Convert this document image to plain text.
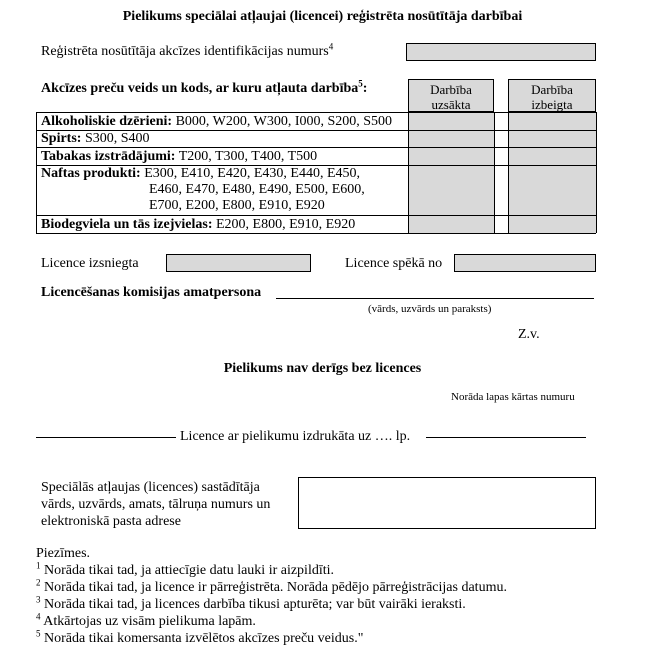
Pielikums speciālai atļaujai (licencei) reģistrēta nosūtītāja darbībai
Reģistrēta nosūtītāja akcīzes identifikācijas numurs$^4$
Akcīzes preču veids un kods, ar kuru atļauta darbība$^5$:	Darbība
uzsākta
Darbība
izbeigta
Alkoholiskie dzērieni: B000, W200, W300, I000, S200, S500
Spirts: S300, S400
Tabakas izstrādājumi: T200, T300, T400, T500
Naftas produkti: E300, E410, E420, E430, E440, E450,
E460, E470, E480, E490, E500, E600,
E700, E200, E800, E910, E920
Biodegviela un tās izejvielas: E200, E800, E910, E920
Licence izsniegta	Licence spēkā no
Licencēšanas komisijas amatpersona
(vārds, uzvārds un paraksts)
Z.v.
Pielikums nav derīgs bez licences
Norāda lapas kārtas numuru
Licence ar pielikumu izdrukāta uz …. lp.
Speciālās atļaujas (licences) sastādītāja
vārds, uzvārds, amats, tālruņa numurs un
elektroniskā pasta adrese
Piezīmes.
$^1$ Norāda tikai tad, ja attiecīgie datu lauki ir aizpildīti.
$^2$ Norāda tikai tad, ja licence ir pārreģistrēta. Norāda pēdējo pārreģistrācijas datumu.
$^3$ Norāda tikai tad, ja licences darbība tikusi apturēta; var būt vairāki ieraksti.
$^4$ Atkārtojas uz visām pielikuma lapām.
$^5$ Norāda tikai komersanta izvēlētos akcīzes preču veidus."
